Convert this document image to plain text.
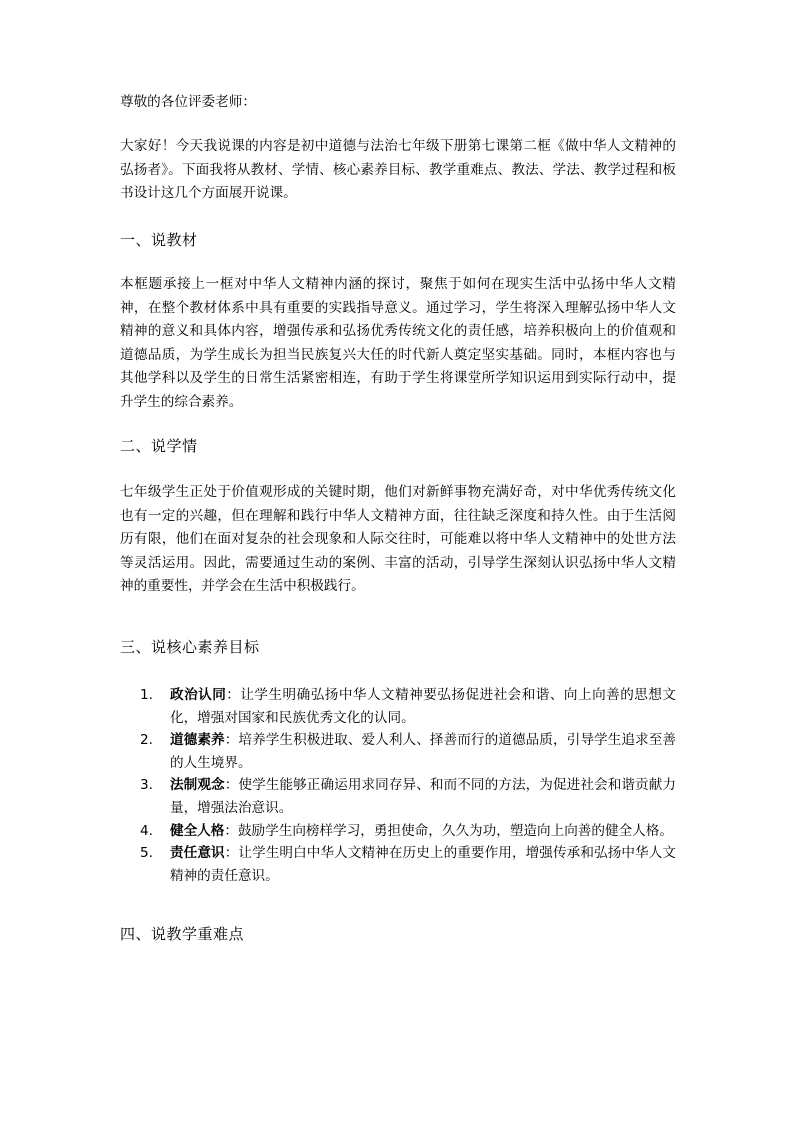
尊敬的各位评委老师：

大家好！今天我说课的内容是初中道德与法治七年级下册第七课第二框《做中华人文精神的弘扬者》。下面我将从教材、学情、核心素养目标、教学重难点、教法、学法、教学过程和板书设计这几个方面展开说课。

一、说教材

本框题承接上一框对中华人文精神内涵的探讨，聚焦于如何在现实生活中弘扬中华人文精神，在整个教材体系中具有重要的实践指导意义。通过学习，学生将深入理解弘扬中华人文精神的意义和具体内容，增强传承和弘扬优秀传统文化的责任感，培养积极向上的价值观和道德品质，为学生成长为担当民族复兴大任的时代新人奠定坚实基础。同时，本框内容也与其他学科以及学生的日常生活紧密相连，有助于学生将课堂所学知识运用到实际行动中，提升学生的综合素养。

二、说学情

七年级学生正处于价值观形成的关键时期，他们对新鲜事物充满好奇，对中华优秀传统文化也有一定的兴趣，但在理解和践行中华人文精神方面，往往缺乏深度和持久性。由于生活阅历有限，他们在面对复杂的社会现象和人际交往时，可能难以将中华人文精神中的处世方法等灵活运用。因此，需要通过生动的案例、丰富的活动，引导学生深刻认识弘扬中华人文精神的重要性，并学会在生活中积极践行。

三、说核心素养目标
1. 政治认同：让学生明确弘扬中华人文精神要弘扬促进社会和谐、向上向善的思想文化，增强对国家和民族优秀文化的认同。
2. 道德素养：培养学生积极进取、爱人利人、择善而行的道德品质，引导学生追求至善的人生境界。
3. 法制观念：使学生能够正确运用求同存异、和而不同的方法，为促进社会和谐贡献力量，增强法治意识。
4. 健全人格：鼓励学生向榜样学习，勇担使命，久久为功，塑造向上向善的健全人格。
5. 责任意识：让学生明白中华人文精神在历史上的重要作用，增强传承和弘扬中华人文精神的责任意识。
四、说教学重难点
